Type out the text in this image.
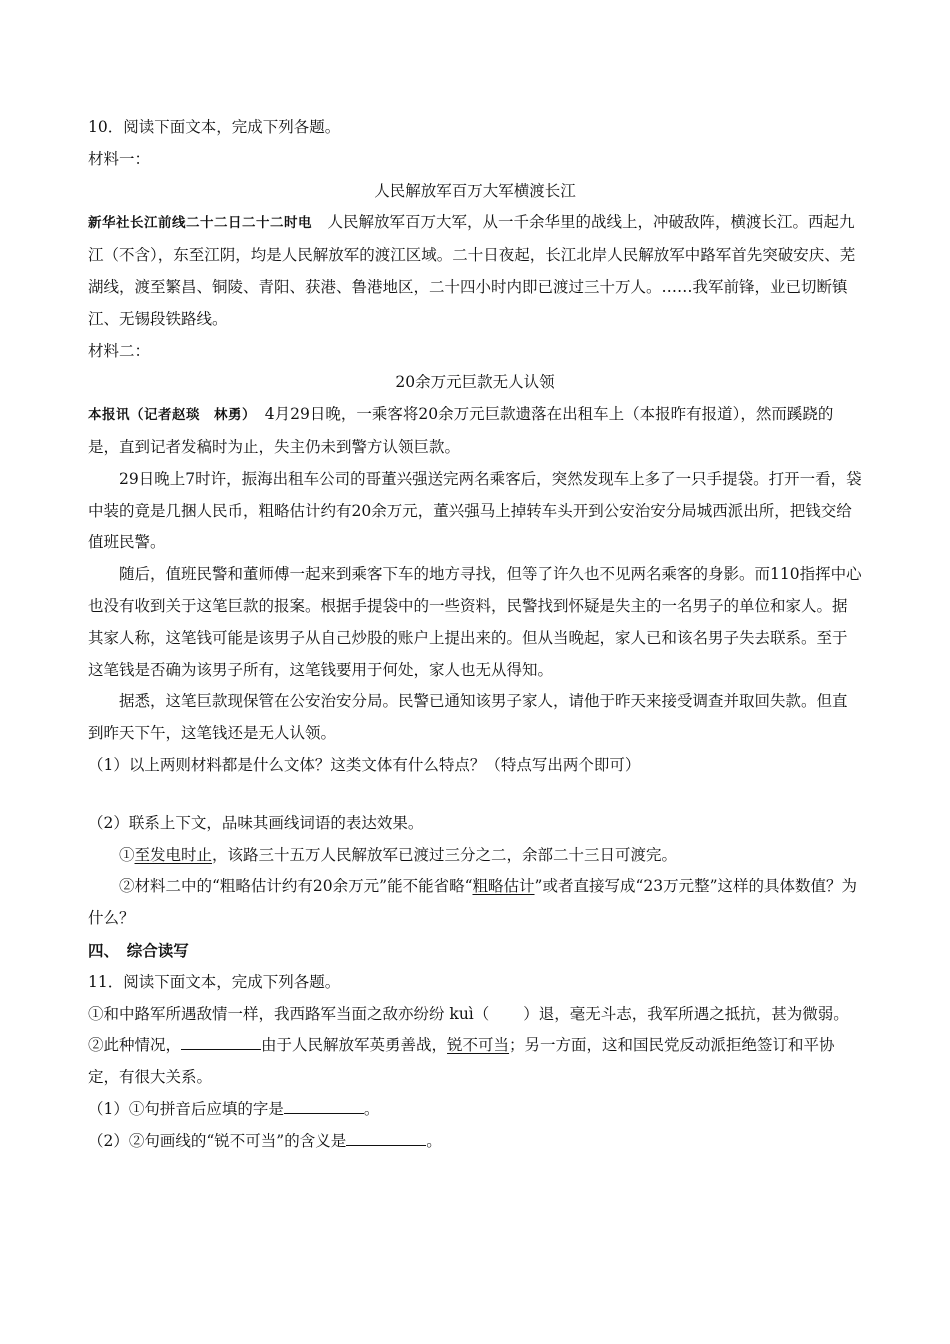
10．阅读下面文本，完成下列各题。

材料一：

人民解放军百万大军横渡长江

新华社长江前线二十二日二十二时电　 人民解放军百万大军，从一千余华里的战线上，冲破敌阵，横渡长江。西起九江（不含），东至江阴，均是人民解放军的渡江区域。二十日夜起，长江北岸人民解放军中路军首先突破安庆、芜湖线，渡至繁昌、铜陵、青阳、获港、鲁港地区，二十四小时内即已渡过三十万人。……我军前锋，业已切断镇江、无锡段铁路线。

材料二：

20余万元巨款无人认领

本报讯（记者赵琰　林勇）　 4月29日晚，一乘客将20余万元巨款遗落在出租车上（本报昨有报道），然而蹊跷的是，直到记者发稿时为止，失主仍未到警方认领巨款。

29日晚上7时许，振海出租车公司的哥董兴强送完两名乘客后，突然发现车上多了一只手提袋。打开一看，袋中装的竟是几捆人民币，粗略估计约有20余万元，董兴强马上掉转车头开到公安治安分局城西派出所，把钱交给值班民警。

随后，值班民警和董师傅一起来到乘客下车的地方寻找，但等了许久也不见两名乘客的身影。而110指挥中心也没有收到关于这笔巨款的报案。根据手提袋中的一些资料，民警找到怀疑是失主的一名男子的单位和家人。据其家人称，这笔钱可能是该男子从自己炒股的账户上提出来的。但从当晚起，家人已和该名男子失去联系。至于这笔钱是否确为该男子所有，这笔钱要用于何处，家人也无从得知。

据悉，这笔巨款现保管在公安治安分局。民警已通知该男子家人，请他于昨天来接受调查并取回失款。但直到昨天下午，这笔钱还是无人认领。

（1）以上两则材料都是什么文体？这类文体有什么特点？（特点写出两个即可）

（2）联系上下文，品味其画线词语的表达效果。

①至发电时止，该路三十五万人民解放军已渡过三分之二，余部二十三日可渡完。

②材料二中的“粗略估计约有20余万元”能不能省略“粗略估计”或者直接写成“23万元整”这样的具体数值？为什么？

四、　综合读写

11．阅读下面文本，完成下列各题。

①和中路军所遇敌情一样，我西路军当面之敌亦纷纷 kuì（ ）退，毫无斗志，我军所遇之抵抗，甚为微弱。

②此种情况，	由于人民解放军英勇善战，锐不可当；另一方面，这和国民党反动派拒绝签订和平协定，有很大关系。

（1）①句拼音后应填的字是	。

（2）②句画线的“锐不可当”的含义是	。
